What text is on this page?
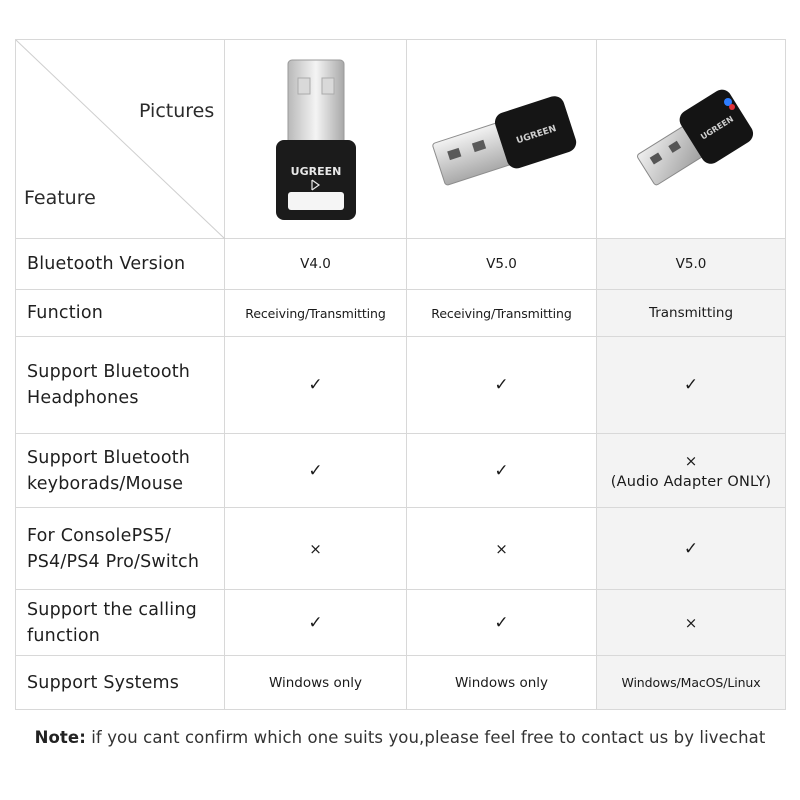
Pictures
Feature	UGREEN	UGREEN	UGREEN

Bluetooth Version	V4.0	V5.0	V5.0
Function	Receiving/Transmitting	Receiving/Transmitting	Transmitting
Support Bluetooth
Headphones	✓	✓	✓
Support Bluetooth
keyborads/Mouse	✓	✓	×
(Audio Adapter ONLY)

For ConsolePS5/
PS4/PS4 Pro/Switch	×	×	✓
Support the calling
function	✓	✓	×
Support Systems	Windows only	Windows only	Windows/MacOS/Linux
Note: if you cant confirm which one suits you,please feel free to contact us by livechat
